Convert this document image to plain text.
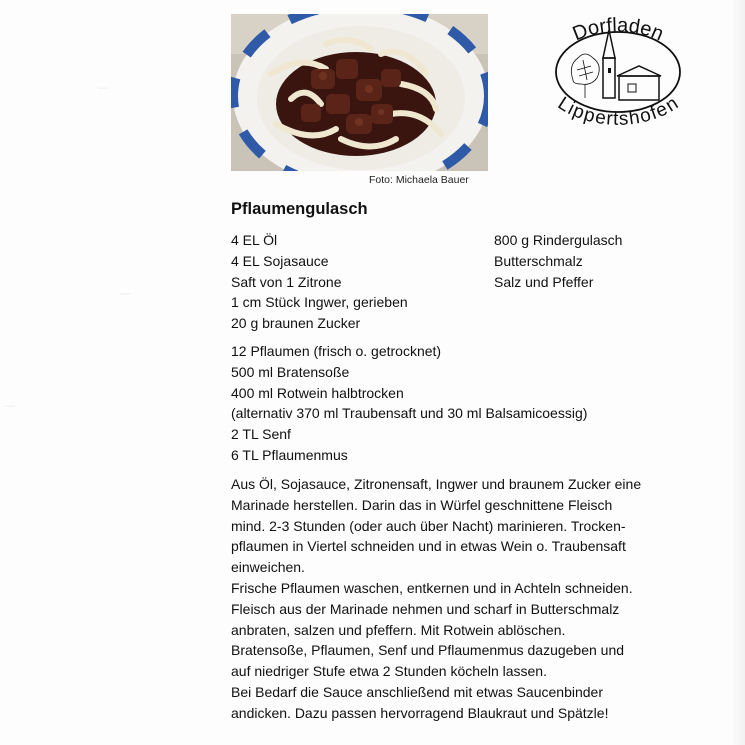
—
—
—
Foto: Michaela Bauer
Dorfladen
Lippertshofen
Pflaumengulasch
4 EL Öl
4 EL Sojasauce
Saft von 1 Zitrone
1 cm Stück Ingwer, gerieben
20 g braunen Zucker
800 g Rindergulasch
Butterschmalz
Salz und Pfeffer
12 Pflaumen (frisch o. getrocknet)
500 ml Bratensoße
400 ml Rotwein halbtrocken
(alternativ 370 ml Traubensaft und 30 ml Balsamicoessig)
2 TL Senf
6 TL Pflaumenmus
Aus Öl, Sojasauce, Zitronensaft, Ingwer und braunem Zucker eine
Marinade herstellen. Darin das in Würfel geschnittene Fleisch
mind. 2-3 Stunden (oder auch über Nacht) marinieren. Trocken-
pflaumen in Viertel schneiden und in etwas Wein o. Traubensaft
einweichen.
Frische Pflaumen waschen, entkernen und in Achteln schneiden.
Fleisch aus der Marinade nehmen und scharf in Butterschmalz
anbraten, salzen und pfeffern. Mit Rotwein ablöschen.
Bratensoße, Pflaumen, Senf und Pflaumenmus dazugeben und
auf niedriger Stufe etwa 2 Stunden köcheln lassen.
Bei Bedarf die Sauce anschließend mit etwas Saucenbinder
andicken. Dazu passen hervorragend Blaukraut und Spätzle!
